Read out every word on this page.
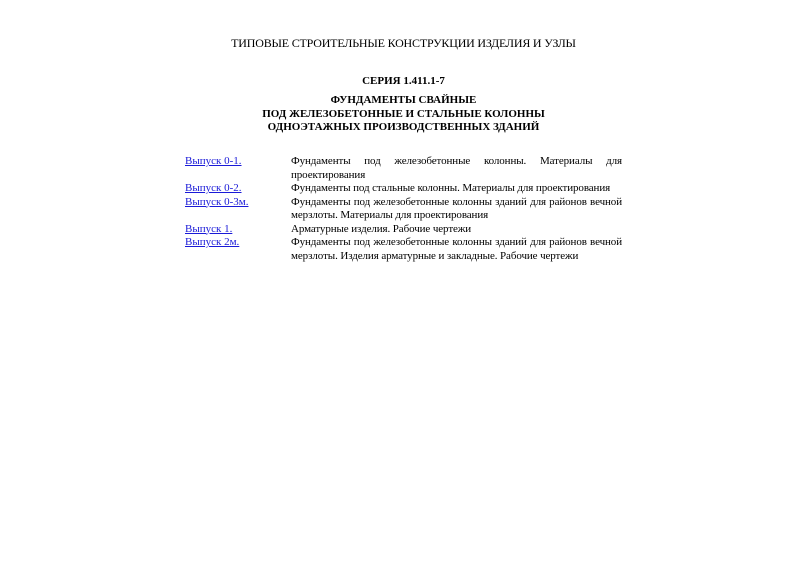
ТИПОВЫЕ СТРОИТЕЛЬНЫЕ КОНСТРУКЦИИ ИЗДЕЛИЯ И УЗЛЫ
СЕРИЯ 1.411.1-7
ФУНДАМЕНТЫ СВАЙНЫЕ
ПОД ЖЕЛЕЗОБЕТОННЫЕ И СТАЛЬНЫЕ КОЛОННЫ
ОДНОЭТАЖНЫХ ПРОИЗВОДСТВЕННЫХ ЗДАНИЙ
Выпуск 0-1.	Фундаменты под железобетонные колонны. Материалы для проектирования
Выпуск 0-2.	Фундаменты под стальные колонны. Материалы для проектирования
Выпуск 0-3м.	Фундаменты под железобетонные колонны зданий для районов вечной мерзлоты. Материалы для проектирования
Выпуск 1.	Арматурные изделия. Рабочие чертежи
Выпуск 2м.	Фундаменты под железобетонные колонны зданий для районов вечной мерзлоты. Изделия арматурные и закладные. Рабочие чертежи
